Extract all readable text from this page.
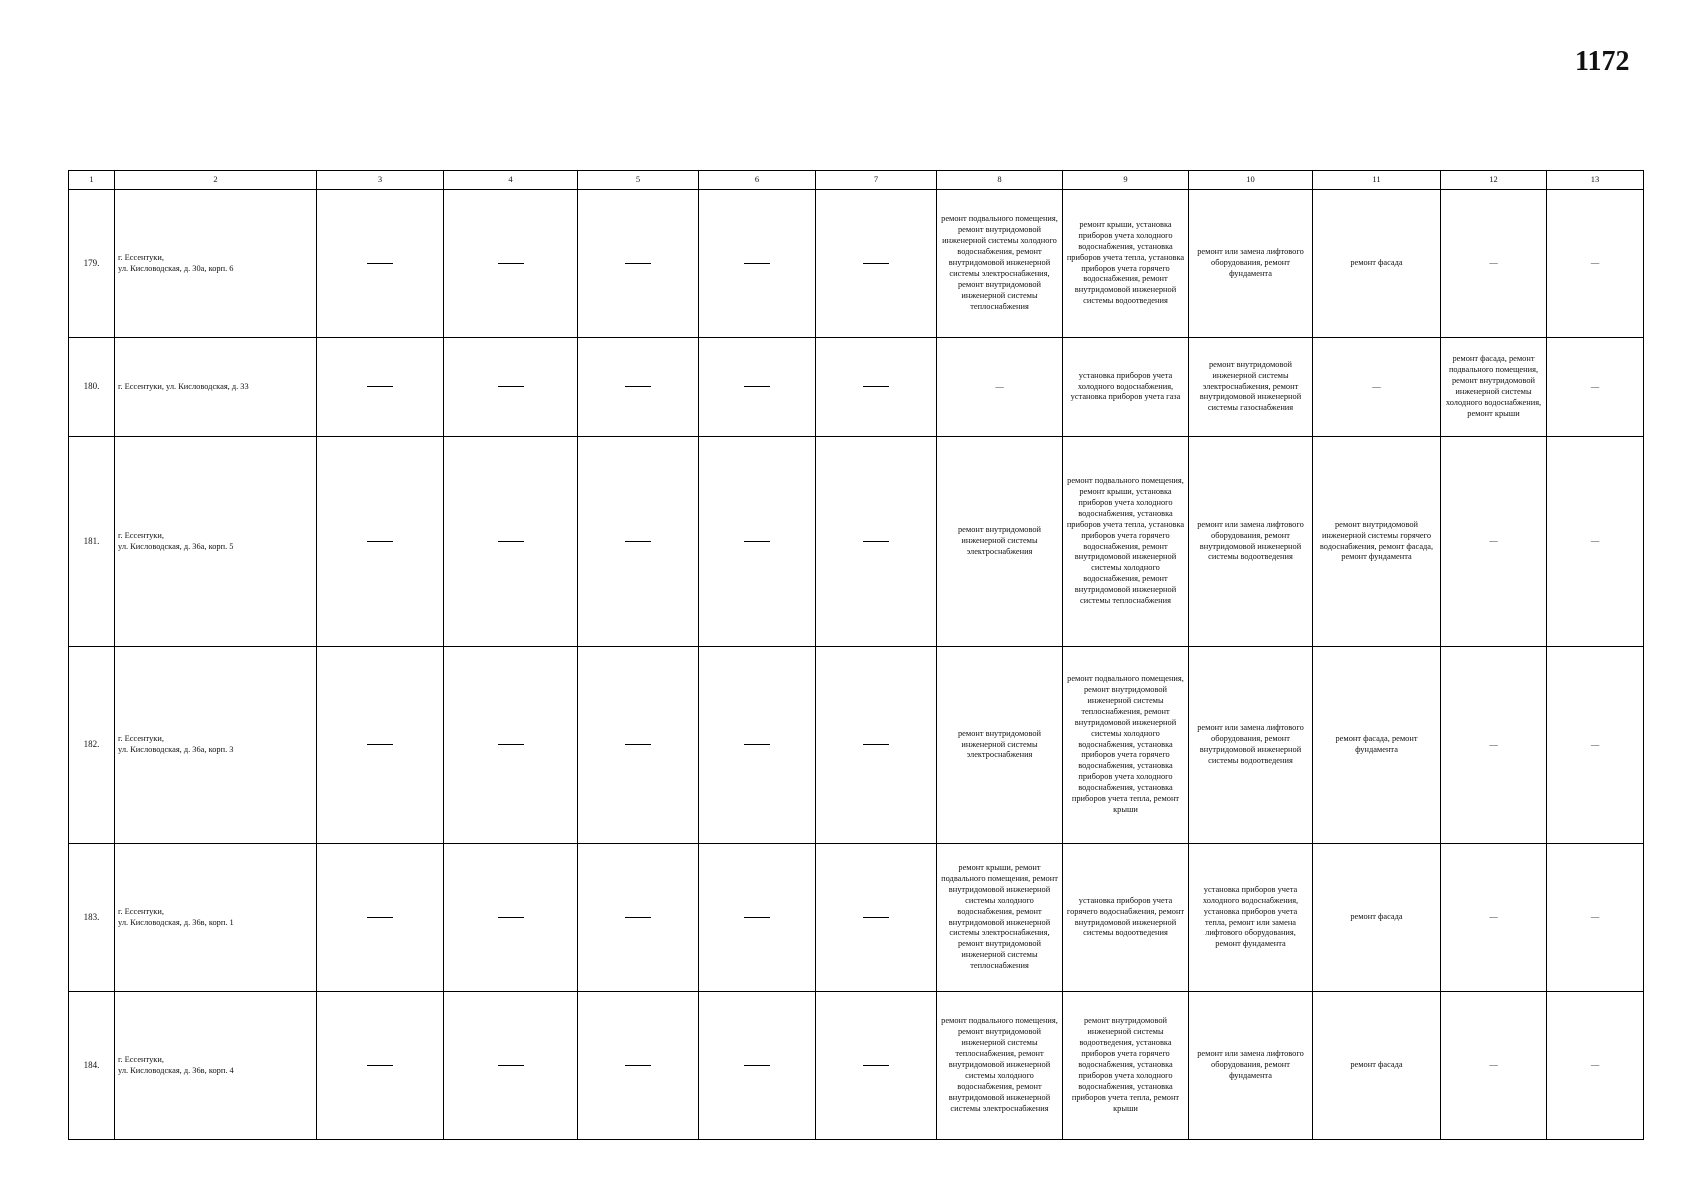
1172
1	2	3	4	5	6	7	8	9	10	11	12	13
179.	г. Ессентуки,
ул. Кисловодская, д. 30а, корп. 6						ремонт подвального помещения, ремонт внутридомовой инженерной системы холодного водоснабжения, ремонт внутридомовой инженерной системы электроснабжения, ремонт внутридомовой инженерной системы теплоснабжения	ремонт крыши, установка приборов учета холодного водоснабжения, установка приборов учета тепла, установка приборов учета горячего водоснабжения, ремонт внутридомовой инженерной системы водоотведения	ремонт или замена лифтового оборудования, ремонт фундамента	ремонт фасада	—	—
180.	г. Ессентуки, ул. Кисловодская, д. 33						—	установка приборов учета холодного водоснабжения, установка приборов учета газа	ремонт внутридомовой инженерной системы электроснабжения, ремонт внутридомовой инженерной системы газоснабжения	—	ремонт фасада, ремонт подвального помещения, ремонт внутридомовой инженерной системы холодного водоснабжения, ремонт крыши	—
181.	г. Ессентуки,
ул. Кисловодская, д. 36а, корп. 5						ремонт внутридомовой инженерной системы электроснабжения	ремонт подвального помещения, ремонт крыши, установка приборов учета холодного водоснабжения, установка приборов учета тепла, установка приборов учета горячего водоснабжения, ремонт внутридомовой инженерной системы холодного водоснабжения, ремонт внутридомовой инженерной системы теплоснабжения	ремонт или замена лифтового оборудования, ремонт внутридомовой инженерной системы водоотведения	ремонт внутридомовой инженерной системы горячего водоснабжения, ремонт фасада, ремонт фундамента	—	—
182.	г. Ессентуки,
ул. Кисловодская, д. 36а, корп. 3						ремонт внутридомовой инженерной системы электроснабжения	ремонт подвального помещения, ремонт внутридомовой инженерной системы теплоснабжения, ремонт внутридомовой инженерной системы холодного водоснабжения, установка приборов учета горячего водоснабжения, установка приборов учета холодного водоснабжения, установка приборов учета тепла, ремонт крыши	ремонт или замена лифтового оборудования, ремонт внутридомовой инженерной системы водоотведения	ремонт фасада, ремонт фундамента	—	—
183.	г. Ессентуки,
ул. Кисловодская, д. 36в, корп. 1						ремонт крыши, ремонт подвального помещения, ремонт внутридомовой инженерной системы холодного водоснабжения, ремонт внутридомовой инженерной системы электроснабжения, ремонт внутридомовой инженерной системы теплоснабжения	установка приборов учета горячего водоснабжения, ремонт внутридомовой инженерной системы водоотведения	установка приборов учета холодного водоснабжения, установка приборов учета тепла, ремонт или замена лифтового оборудования, ремонт фундамента	ремонт фасада	—	—
184.	г. Ессентуки,
ул. Кисловодская, д. 36в, корп. 4						ремонт подвального помещения, ремонт внутридомовой инженерной системы теплоснабжения, ремонт внутридомовой инженерной системы холодного водоснабжения, ремонт внутридомовой инженерной системы электроснабжения	ремонт внутридомовой инженерной системы водоотведения, установка приборов учета горячего водоснабжения, установка приборов учета холодного водоснабжения, установка приборов учета тепла, ремонт крыши	ремонт или замена лифтового оборудования, ремонт фундамента	ремонт фасада	—	—
